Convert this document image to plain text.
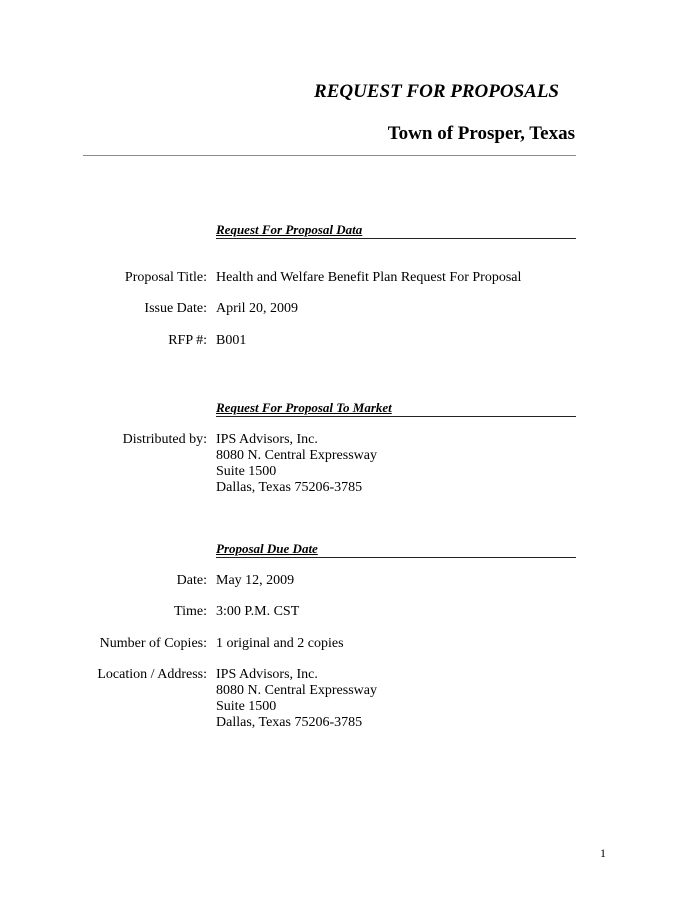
REQUEST FOR PROPOSALS
Town of Prosper, Texas
Request For Proposal Data
Proposal Title: Health and Welfare Benefit Plan Request For Proposal
Issue Date: April 20, 2009
RFP #: B001
Request For Proposal To Market
Distributed by: IPS Advisors, Inc.
8080 N. Central Expressway
Suite 1500
Dallas, Texas 75206-3785
Proposal Due Date
Date: May 12, 2009
Time: 3:00 P.M. CST
Number of Copies: 1 original and 2 copies
Location / Address: IPS Advisors, Inc.
8080 N. Central Expressway
Suite 1500
Dallas, Texas 75206-3785
1
